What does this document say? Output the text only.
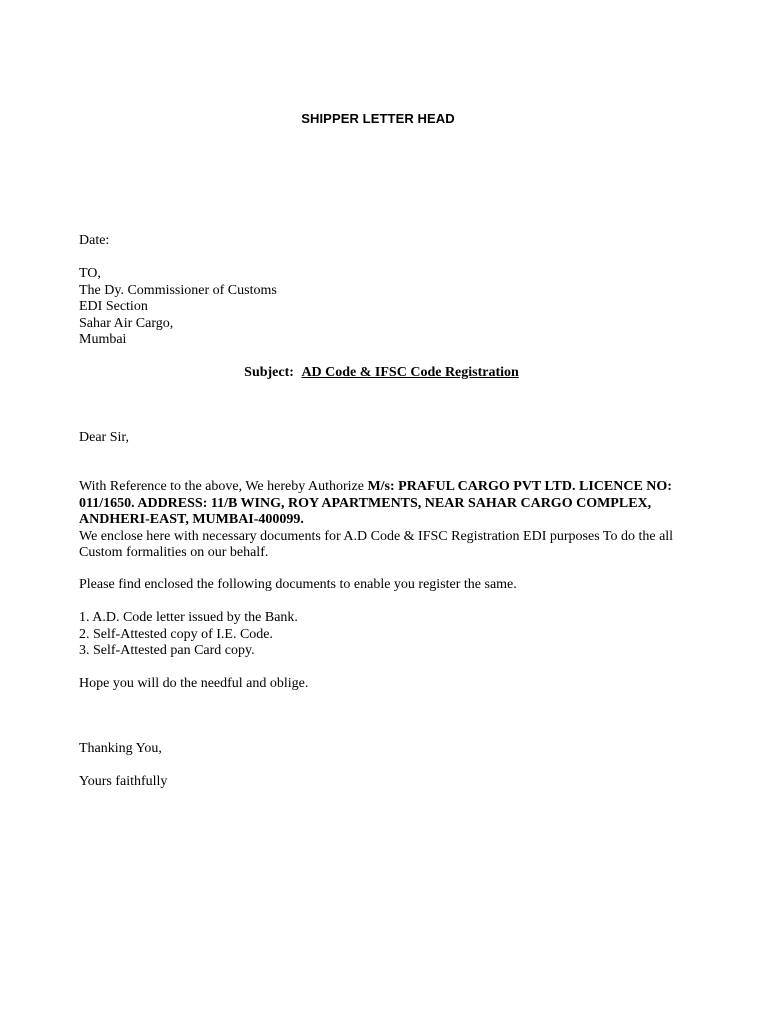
SHIPPER LETTER HEAD
Date:
TO,
The Dy. Commissioner of Customs
EDI Section
Sahar Air Cargo,
Mumbai
Subject: AD Code & IFSC Code Registration
Dear Sir,
With Reference to the above, We hereby Authorize M/s: PRAFUL CARGO PVT LTD. LICENCE NO: 011/1650. ADDRESS: 11/B WING, ROY APARTMENTS, NEAR SAHAR CARGO COMPLEX, ANDHERI-EAST, MUMBAI-400099.
We enclose here with necessary documents for A.D Code & IFSC Registration EDI purposes To do the all Custom formalities on our behalf.
Please find enclosed the following documents to enable you register the same.
1. A.D. Code letter issued by the Bank.
2. Self-Attested copy of I.E. Code.
3. Self-Attested pan Card copy.
Hope you will do the needful and oblige.
Thanking You,
Yours faithfully
